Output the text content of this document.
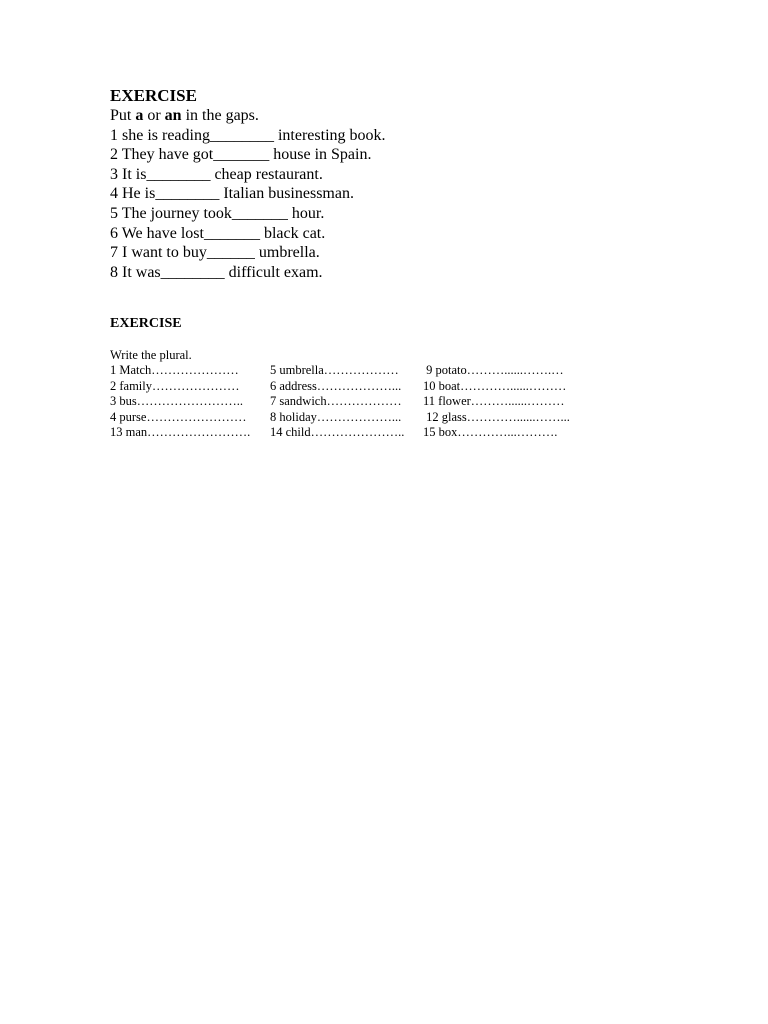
EXERCISE
Put a or an in the gaps.
1 she is reading________ interesting book.
2 They have got_______ house in Spain.
3 It is________ cheap restaurant.
4 He is________ Italian businessman.
5 The journey took_______ hour.
6 We have lost_______ black cat.
7 I want to buy______ umbrella.
8 It was________ difficult exam.
EXERCISE
Write the plural.

1 Match…………………

5 umbrella………………

9 potato………......…….…

2 family…………………

6 address………………...

10 boat…………......………

3 bus……………………..

7 sandwich………………

11 flower………......………

4 purse……………………

8 holiday………………...

12 glass…………......……...

13 man…………………….

14 child…………………..

15 box…………...……….
